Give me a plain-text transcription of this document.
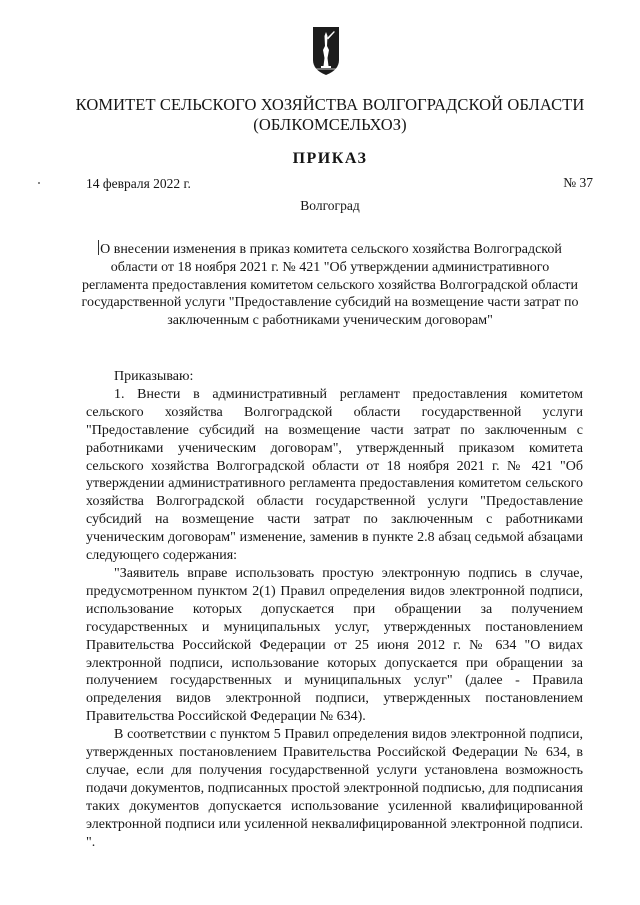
КОМИТЕТ СЕЛЬСКОГО ХОЗЯЙСТВА ВОЛГОГРАДСКОЙ ОБЛАСТИ
(ОБЛКОМСЕЛЬХОЗ)
ПРИКАЗ
14 февраля 2022 г.	№ 37
Волгоград
О внесении изменения в приказ комитета сельского хозяйства Волгоградской области от 18 ноября 2021 г. № 421 "Об утверждении административного регламента предоставления комитетом сельского хозяйства Волгоградской области государственной услуги "Предоставление субсидий на возмещение части затрат по заключенным с работниками ученическим договорам"

Приказываю:

1. Внести в административный регламент предоставления комитетом сельского хозяйства Волгоградской области государственной услуги "Предоставление субсидий на возмещение части затрат по заключенным с работниками ученическим договорам", утвержденный приказом комитета сельского хозяйства Волгоградской области от 18 ноября 2021 г. № 421 "Об утверждении административного регламента предоставления комитетом сельского хозяйства Волгоградской области государственной услуги "Предоставление субсидий на возмещение части затрат по заключенным с работниками ученическим договорам" изменение, заменив в пункте 2.8 абзац седьмой абзацами следующего содержания:

"Заявитель вправе использовать простую электронную подпись в случае, предусмотренном пунктом 2(1) Правил определения видов электронной подписи, использование которых допускается при обращении за получением государственных и муниципальных услуг, утвержденных постановлением Правительства Российской Федерации от 25 июня 2012 г. № 634 "О видах электронной подписи, использование которых допускается при обращении за получением государственных и муниципальных услуг" (далее - Правила определения видов электронной подписи, утвержденных постановлением Правительства Российской Федерации № 634).

В соответствии с пунктом 5 Правил определения видов электронной подписи, утвержденных постановлением Правительства Российской Федерации № 634, в случае, если для получения государственной услуги установлена возможность подачи документов, подписанных простой электронной подписью, для подписания таких документов допускается использование усиленной квалифицированной электронной подписи или усиленной неквалифицированной электронной подписи. ".
